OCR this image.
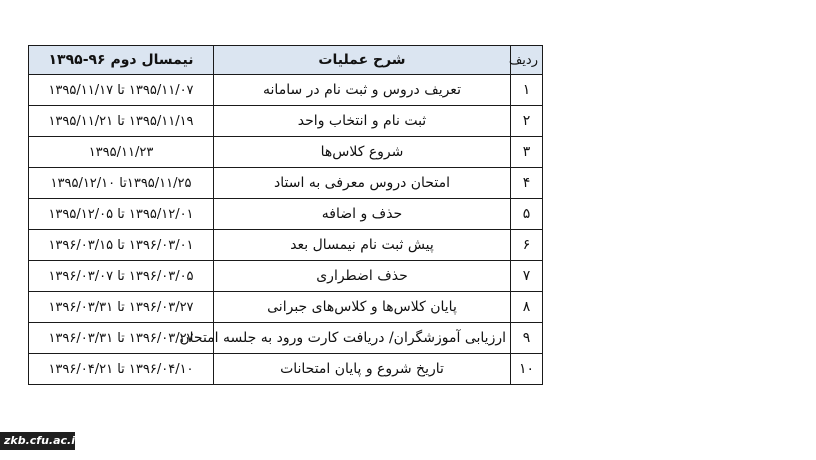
ردیف	شرح عملیات	نیمسال دوم ۹۶-۱۳۹۵
۱	تعریف دروس و ثبت نام در سامانه	۱۳۹۵/۱۱/۰۷ تا ۱۳۹۵/۱۱/۱۷
۲	ثبت نام و انتخاب واحد	۱۳۹۵/۱۱/۱۹ تا ۱۳۹۵/۱۱/۲۱
۳	شروع کلاس‌ها	۱۳۹۵/۱۱/۲۳
۴	امتحان دروس معرفی به استاد	۱۳۹۵/۱۱/۲۵تا ۱۳۹۵/۱۲/۱۰
۵	حذف و اضافه	۱۳۹۵/۱۲/۰۱ تا ۱۳۹۵/۱۲/۰۵
۶	پیش ثبت نام نیمسال بعد	۱۳۹۶/۰۳/۰۱ تا ۱۳۹۶/۰۳/۱۵
۷	حذف اضطراری	۱۳۹۶/۰۳/۰۵ تا ۱۳۹۶/۰۳/۰۷
۸	پایان کلاس‌ها و کلاس‌های جبرانی	۱۳۹۶/۰۳/۲۷ تا ۱۳۹۶/۰۳/۳۱
۹	ارزیابی آموزشگران/ دریافت کارت ورود به جلسه امتحان	۱۳۹۶/۰۳/۲۷ تا ۱۳۹۶/۰۳/۳۱
۱۰	تاریخ شروع و پایان امتحانات	۱۳۹۶/۰۴/۱۰ تا ۱۳۹۶/۰۴/۲۱
zkb.cfu.ac.ir
